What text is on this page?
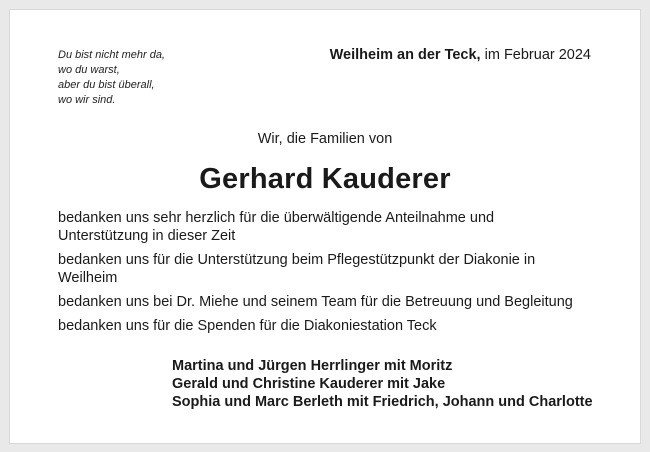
Du bist nicht mehr da,
wo du warst,
aber du bist überall,
wo wir sind.
Weilheim an der Teck, im Februar 2024
Wir, die Familien von
Gerhard Kauderer
bedanken uns sehr herzlich für die überwältigende Anteilnahme und Unterstützung in dieser Zeit
bedanken uns für die Unterstützung beim Pflegestützpunkt der Diakonie in Weilheim
bedanken uns bei Dr. Miehe und seinem Team für die Betreuung und Begleitung
bedanken uns für die Spenden für die Diakoniestation Teck
Martina und Jürgen Herrlinger mit Moritz
Gerald und Christine Kauderer mit Jake
Sophia und Marc Berleth mit Friedrich, Johann und Charlotte
